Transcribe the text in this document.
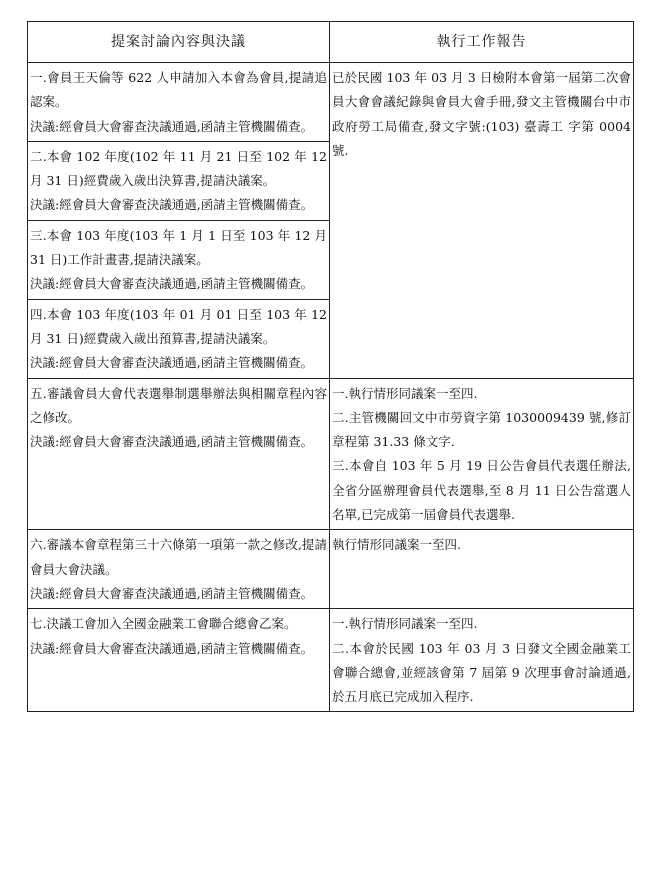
提案討論內容與決議	執行工作報告

一.會員王天倫等 622 人申請加入本會為會員,提請追認案。
決議:經會員大會審查決議通過,函請主管機關備查。	已於民國 103 年 03 月 3 日檢附本會第一屆第二次會員大會會議紀錄與會員大會手冊,發文主管機關台中市政府勞工局備查,發文字號:(103) 臺壽工 字第 0004 號.

二.本會 102 年度(102 年 11 月 21 日至 102 年 12 月 31 日)經費歲入歲出決算書,提請決議案。
決議:經會員大會審查決議通過,函請主管機關備查。	

三.本會 103 年度(103 年 1 月 1 日至 103 年 12 月 31 日)工作計畫書,提請決議案。
決議:經會員大會審查決議通過,函請主管機關備查。	

四.本會 103 年度(103 年 01 月 01 日至 103 年 12 月 31 日)經費歲入歲出預算書,提請決議案。
決議:經會員大會審查決議通過,函請主管機關備查。	

五.審議會員大會代表選舉制選舉辦法與相關章程內容之修改。
決議:經會員大會審查決議通過,函請主管機關備查。	一.執行情形同議案一至四.
二.主管機關回文中市勞資字第 1030009439 號,修訂章程第 31.33 條文字.
三.本會自 103 年 5 月 19 日公告會員代表選任辦法,全省分區辦理會員代表選舉,至 8 月 11 日公告當選人名單,已完成第一屆會員代表選舉.

六.審議本會章程第三十六條第一項第一款之修改,提請會員大會決議。
決議:經會員大會審查決議通過,函請主管機關備查。	執行情形同議案一至四.

七.決議工會加入全國金融業工會聯合總會乙案。
決議:經會員大會審查決議通過,函請主管機關備查。	一.執行情形同議案一至四.
二.本會於民國 103 年 03 月 3 日發文全國金融業工會聯合總會,並經該會第 7 屆第 9 次理事會討論通過,於五月底已完成加入程序.
